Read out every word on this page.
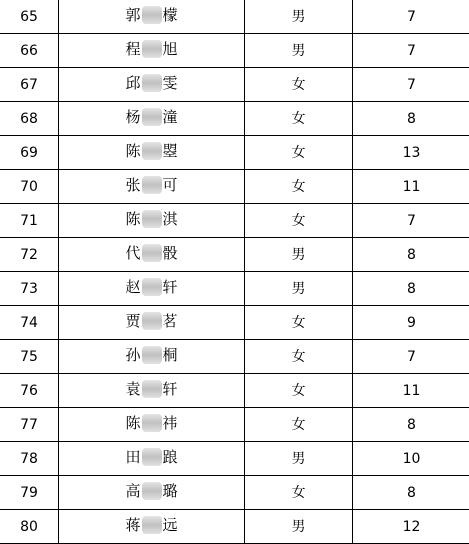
65	郭 檬	男	7
66	程 旭	男	7
67	邱 雯	女	7
68	杨 潼	女	8
69	陈 曌	女	13
70	张 可	女	11
71	陈 淇	女	7
72	代 骰	男	8
73	赵 轩	男	8
74	贾 茗	女	9
75	孙 桐	女	7
76	袁 轩	女	11
77	陈 祎	女	8
78	田 踉	男	10
79	高 璐	女	8
80	蒋 远	男	12
